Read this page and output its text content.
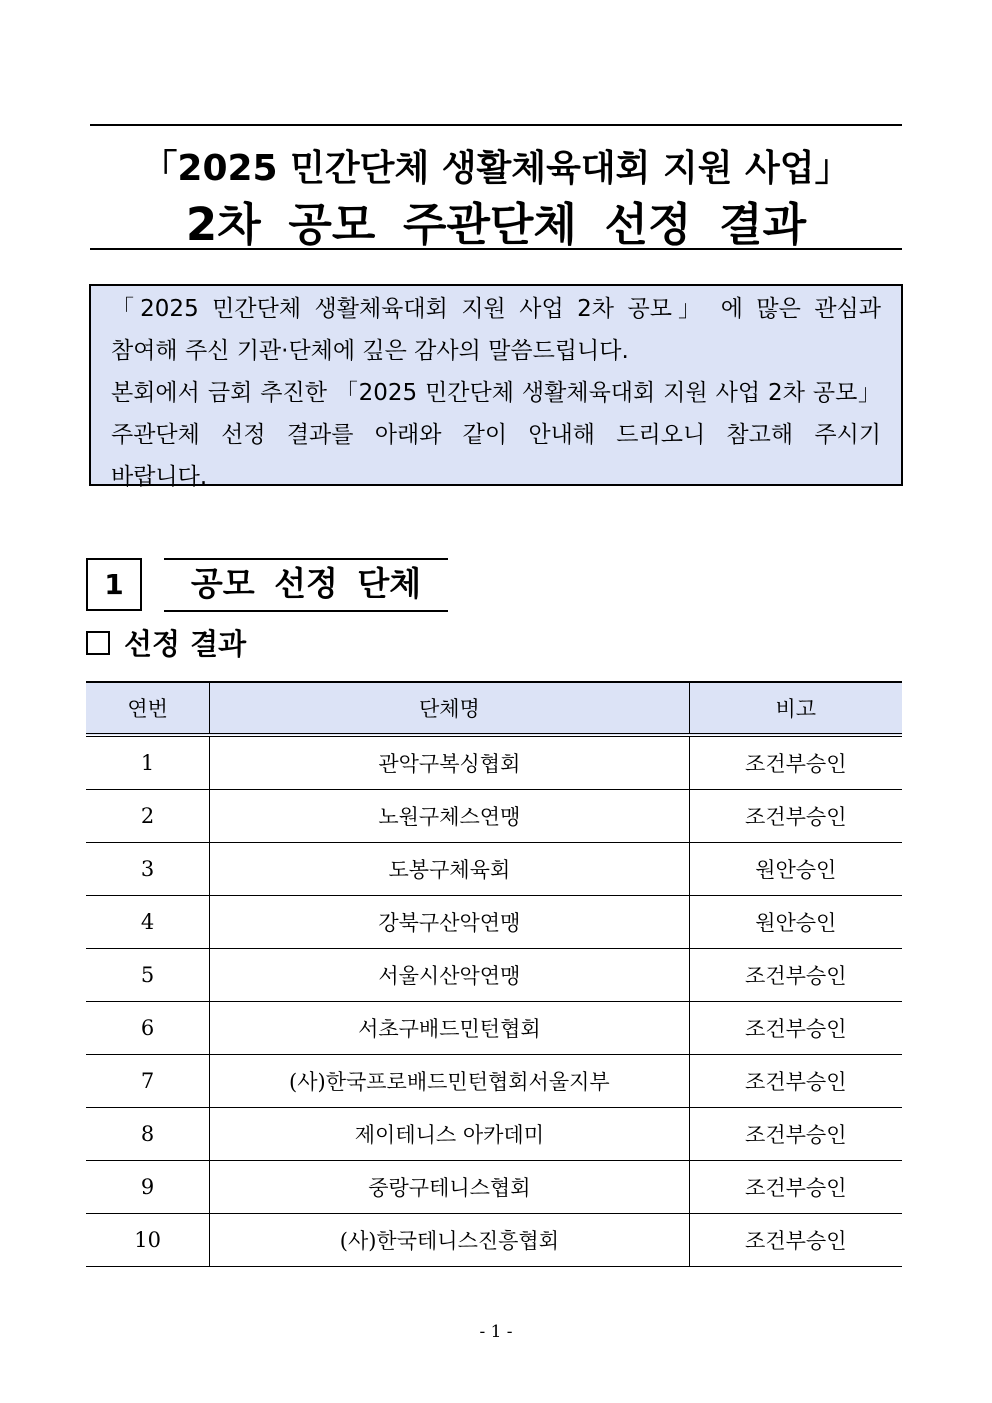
「2025 민간단체 생활체육대회 지원 사업」
2차 공모 주관단체 선정 결과

「2025 민간단체 생활체육대회 지원 사업 2차 공모」 에 많은 관심과

참여해 주신 기관·단체에 깊은 감사의 말씀드립니다.

본회에서 금회 추진한 「2025 민간단체 생활체육대회 지원 사업 2차 공모」

주관단체 선정 결과를 아래와 같이 안내해 드리오니 참고해 주시기

바랍니다.

1	공모 선정 단체
선정 결과
연번	단체명	비고
1	관악구복싱협회	조건부승인
2	노원구체스연맹	조건부승인
3	도봉구체육회	원안승인
4	강북구산악연맹	원안승인
5	서울시산악연맹	조건부승인
6	서초구배드민턴협회	조건부승인
7	(사)한국프로배드민턴협회서울지부	조건부승인
8	제이테니스 아카데미	조건부승인
9	중랑구테니스협회	조건부승인
10	(사)한국테니스진흥협회	조건부승인
- 1 -
